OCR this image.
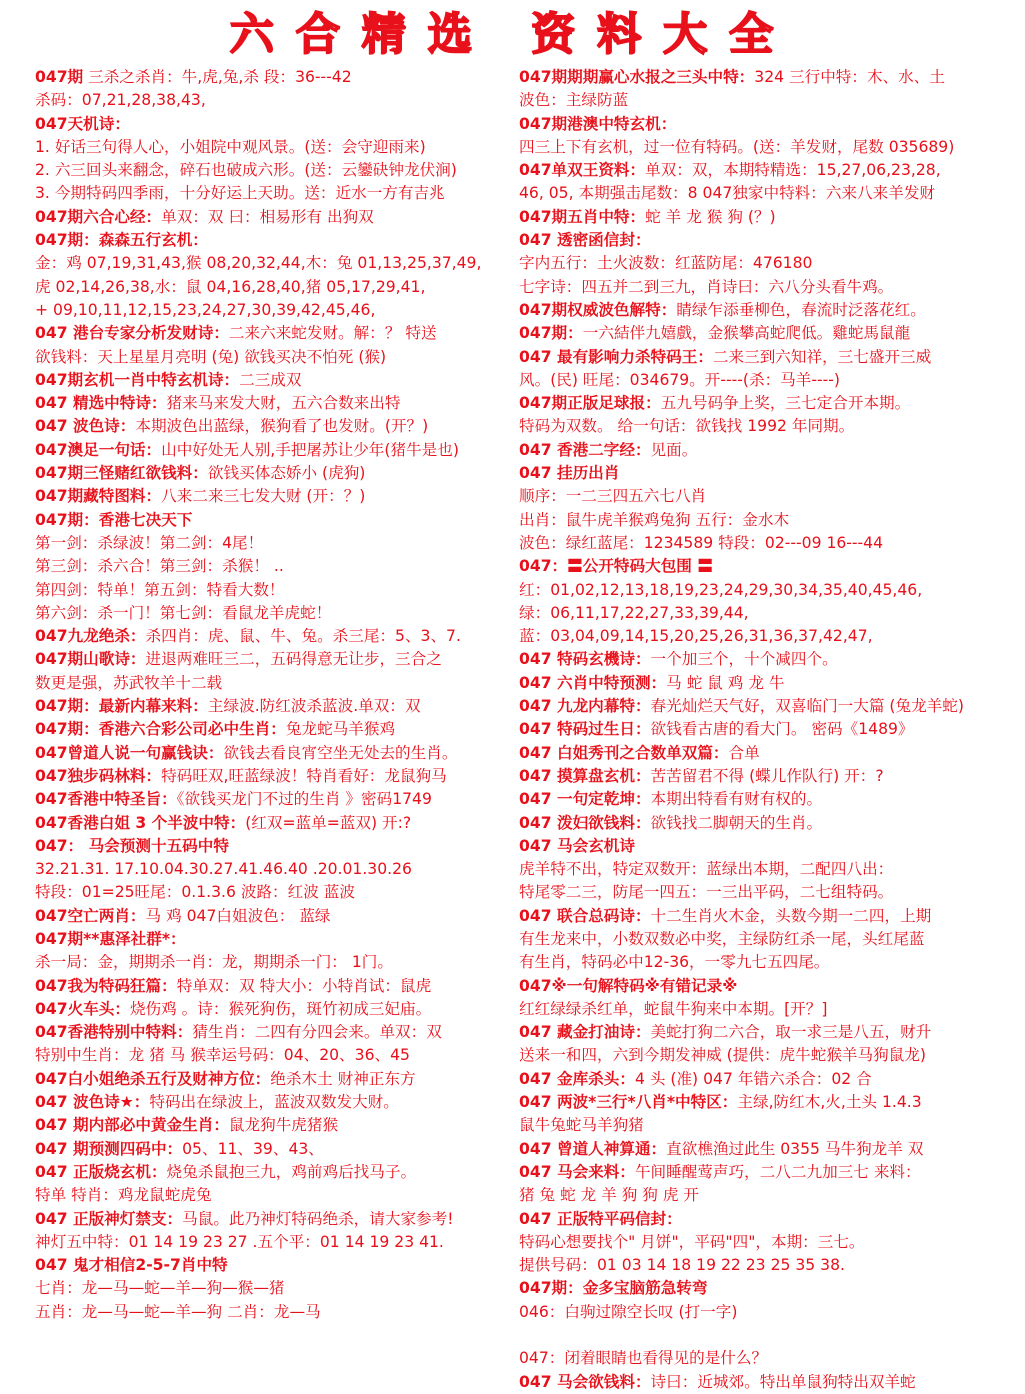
六合精选 资料大全
047期 三杀之杀肖：牛,虎,兔,杀 段：36---42
杀码：07,21,28,38,43,
047天机诗：
1. 好话三句得人心，小姐院中观风景。(送：会守迎雨来)
2. 六三回头来翻念，碎石也破成六形。(送：云鑾砄钟龙伏涧)
3. 今期特码四季雨，十分好运上天助。送：近水一方有吉兆
047期六合心经：单双：双 曰：相易形有 出狗双
047期：森森五行玄机：
金：鸡 07,19,31,43,猴 08,20,32,44,木：兔 01,13,25,37,49,
虎 02,14,26,38,水：鼠 04,16,28,40,猪 05,17,29,41,
+ 09,10,11,12,15,23,24,27,30,39,42,45,46,
047 港台专家分析发财诗：二来六来蛇发财。解：？ 特送
欲钱料：天上星星月亮明 (兔) 欲钱买决不怕死 (猴)
047期玄机一肖中特玄机诗：二三成双
047 精选中特诗：猪来马来发大财，五六合数来出特
047 波色诗：本期波色出蓝绿，猴狗看了也发财。(开？)
047澳足一句话：山中好处无人别,手把屠苏让少年(猪牛是也)
047期三怪赌红欲钱料：欲钱买体态娇小 (虎狗)
047期藏特图料：八来二来三七发大财 (开：？)
047期：香港七决天下
第一剑：杀绿波！第二剑：4尾！
第三剑：杀六合！第三剑：杀猴！ ..
第四剑：特单！第五剑：特看大数！
第六剑：杀一门！第七剑：看鼠龙羊虎蛇！
047九龙绝杀：杀四肖：虎、鼠、牛、兔。杀三尾：5、3、7.
047期山歌诗：进退两难旺三二，五码得意无让步，三合之
数更是强，苏武牧羊十二载
047期：最新内幕来料：主绿波.防红波杀蓝波.单双：双
047期：香港六合彩公司必中生肖：兔龙蛇马羊猴鸡
047曾道人说一句赢钱诀：欲钱去看良宵空坐无处去的生肖。
047独步码林料：特码旺双,旺蓝绿波！特肖看好：龙鼠狗马
047香港中特圣旨：《欲钱买龙门不过的生肖 》密码1749
047香港白姐 3 个半波中特：(红双=蓝单=蓝双) 开:?
047： 马会预测十五码中特
32.21.31. 17.10.04.30.27.41.46.40 .20.01.30.26
特段：01=25旺尾：0.1.3.6 波路：红波 蓝波
047空亡两肖：马 鸡 047白姐波色： 蓝绿
047期**惠泽社群*：
杀一局：金，期期杀一肖：龙，期期杀一门： 1门。
047我为特码狂篇：特单双：双 特大小：小特肖试：鼠虎
047火车头：烧伤鸡 。诗：猴死狗伤，斑竹初成三妃庙。
047香港特别中特料：猜生肖：二四有分四会来。单双：双
特别中生肖：龙 猪 马 猴幸运号码：04、20、36、45
047白小姐绝杀五行及财神方位：绝杀木土 财神正东方
047 波色诗★：特码出在绿波上，蓝波双数发大财。
047 期内部必中黄金生肖：鼠龙狗牛虎猪猴
047 期预测四码中：05、11、39、43、
047 正版烧玄机：烧兔杀鼠抱三九，鸡前鸡后找马子。
特单 特肖：鸡龙鼠蛇虎兔
047 正版神灯禁支：马鼠。此乃神灯特码绝杀，请大家参考!
神灯五中特：01 14 19 23 27 .五个平：01 14 19 23 41.
047 鬼才相信2-5-7肖中特
七肖：龙—马—蛇—羊—狗—猴—猪
五肖：龙—马—蛇—羊—狗 二肖：龙—马
047期期期赢心水报之三头中特：324 三行中特：木、水、土
波色：主绿防蓝
047期港澳中特玄机：
四三上下有玄机，过一位有特码。(送：羊发财，尾数 035689)
047单双王资料：单双：双，本期特精选：15,27,06,23,28,
46, 05, 本期强击尾数：8 047独家中特料：六来八来羊发财
047期五肖中特：蛇 羊 龙 猴 狗 (？)
047 透密函信封：
字内五行：土火波数：红蓝防尾：476180
七字诗：四五并二到三九，肖诗曰：六八分头看牛鸡。
047期权威波色解特：睛绿乍添垂柳色，春流时泛落花红。
047期：一六結伴九嬉戲，金猴攀高蛇爬低。雞蛇馬鼠龍
047 最有影响力杀特码王：二来三到六知祥，三七盛开三威
风。(民) 旺尾：034679。开----(杀：马羊----)
047期正版足球报：五九号码争上奖，三七定合开本期。
特码为双数。 给一句话：欲钱找 1992 年同期。
047 香港二字经：见面。
047 挂历出肖
顺序：一二三四五六七八肖
出肖：鼠牛虎羊猴鸡兔狗 五行：金水木
波色：绿红蓝尾：1234589 特段：02---09 16---44
047：〓公开特码大包围 〓
红：01,02,12,13,18,19,23,24,29,30,34,35,40,45,46,
绿：06,11,17,22,27,33,39,44,
蓝：03,04,09,14,15,20,25,26,31,36,37,42,47,
047 特码玄機诗：一个加三个，十个减四个。
047 六肖中特预测：马 蛇 鼠 鸡 龙 牛
047 九龙内幕特：春光灿烂天气好，双喜临门一大篇 (兔龙羊蛇)
047 特码过生日：欲钱看古唐的看大门。 密码《1489》
047 白姐秀刊之合数单双篇：合单
047 摸算盘玄机：苦苦留君不得 (蝶儿作队行) 开：?
047 一句定乾坤：本期出特看有财有权的。
047 泼妇欲钱料：欲钱找二脚朝天的生肖。
047 马会玄机诗
虎羊特不出，特定双数开：蓝绿出本期，二配四八出：
特尾零二三，防尾一四五：一三出平码，二七组特码。
047 联合总码诗：十二生肖火木金，头数今期一二四，上期
有生龙来中，小数双数必中奖，主绿防红杀一尾，头红尾蓝
有生肖，特码必中12-36，一零九七五四尾。
047※一句解特码※有错记录※
红红绿绿杀红单，蛇鼠牛狗来中本期。[开？]
047 藏金打油诗：美蛇打狗二六合，取一求三是八五，财升
送来一和四，六到今期发神威 (提供：虎牛蛇猴羊马狗鼠龙)
047 金库杀头：4 头 (准) 047 年错六杀合：02 合
047 两波*三行*八肖*中特区：主绿,防红木,火,土头 1.4.3
鼠牛兔蛇马羊狗猪
047 曾道人神算通：直欲樵渔过此生 0355 马牛狗龙羊 双
047 马会来料：午间睡醒莺声巧，二八二九加三七 来料：
猪 兔 蛇 龙 羊 狗 狗 虎 开
047 正版特平码信封：
特码心想要找个" 月饼"，平码"四"，本期：三七。
提供号码：01 03 14 18 19 22 23 25 35 38.
047期：金多宝脑筋急转弯
046：白驹过隙空长叹 (打一字)
047：闭着眼睛也看得见的是什么？
047 马会欲钱料：诗曰：近城郊。特出单鼠狗特出双羊蛇
